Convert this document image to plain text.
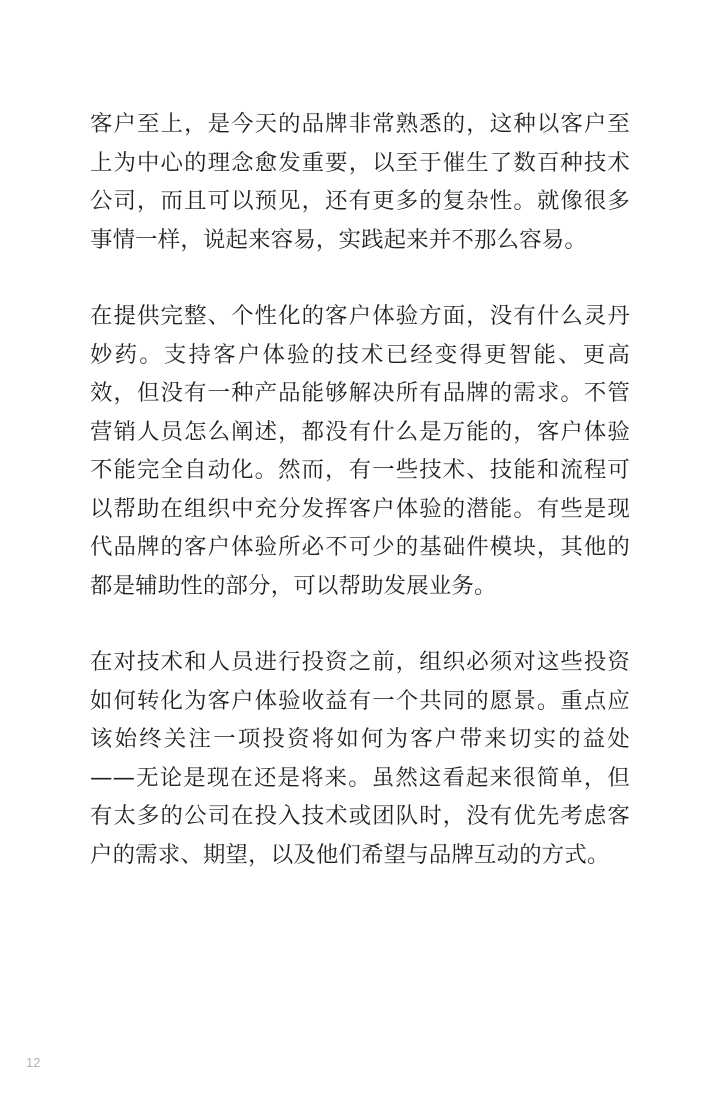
客户至上，是今天的品牌非常熟悉的，这种以客户至上为中心的理念愈发重要，以至于催生了数百种技术公司，而且可以预见，还有更多的复杂性。就像很多事情一样，说起来容易，实践起来并不那么容易。

在提供完整、个性化的客户体验方面，没有什么灵丹妙药。支持客户体验的技术已经变得更智能、更高效，但没有一种产品能够解决所有品牌的需求。不管营销人员怎么阐述，都没有什么是万能的，客户体验不能完全自动化。然而，有一些技术、技能和流程可以帮助在组织中充分发挥客户体验的潜能。有些是现代品牌的客户体验所必不可少的基础件模块，其他的都是辅助性的部分，可以帮助发展业务。

在对技术和人员进行投资之前，组织必须对这些投资如何转化为客户体验收益有一个共同的愿景。重点应该始终关注一项投资将如何为客户带来切实的益处——无论是现在还是将来。虽然这看起来很简单，但有太多的公司在投入技术或团队时，没有优先考虑客户的需求、期望，以及他们希望与品牌互动的方式。

12
